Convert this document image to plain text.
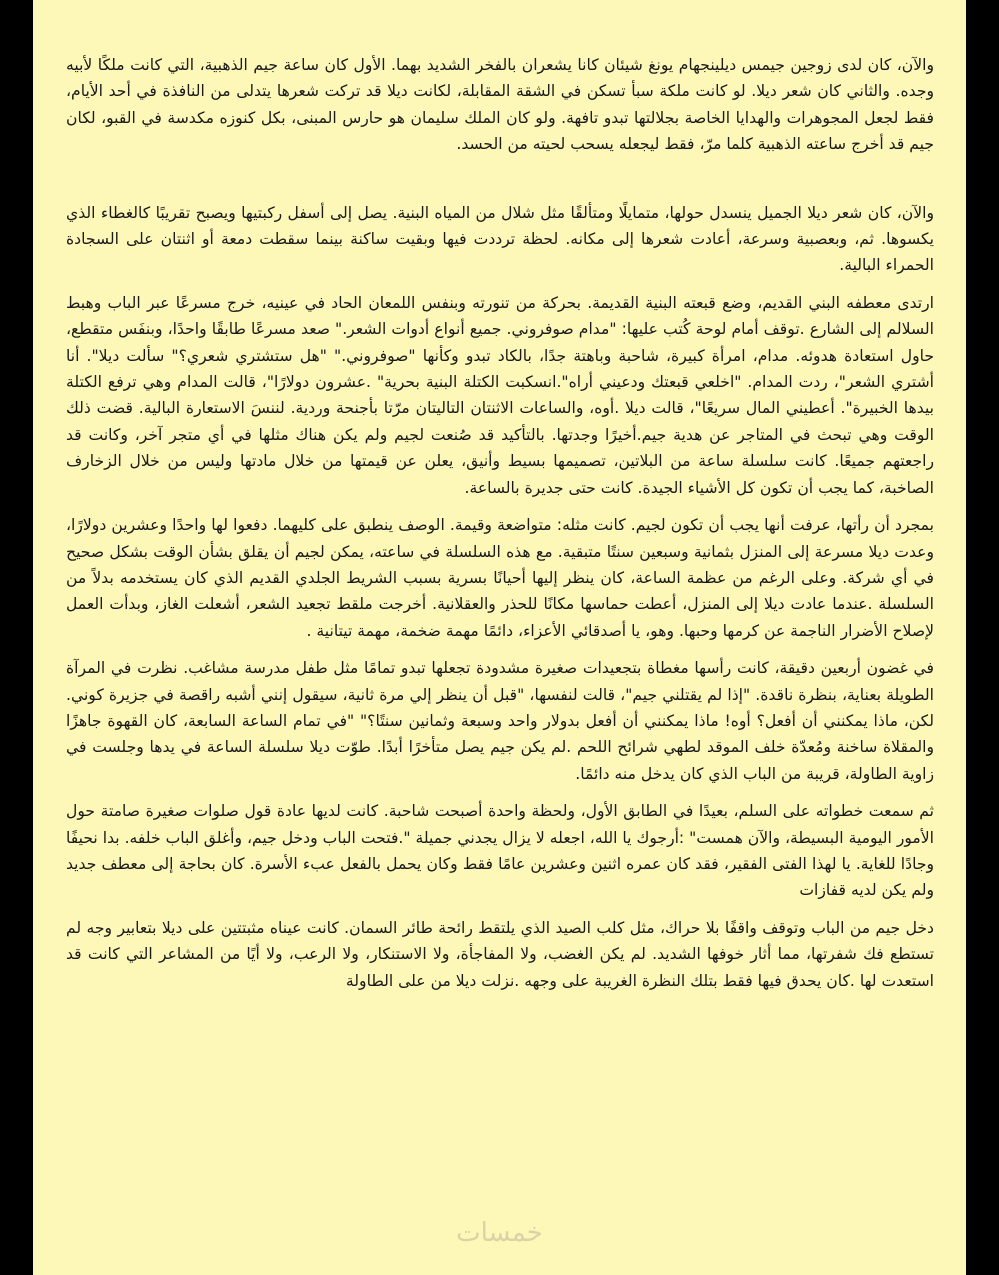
والآن، كان لدى زوجين جيمس ديلينجهام يونغ شيئان كانا يشعران بالفخر الشديد بهما. الأول كان ساعة جيم الذهبية، التي كانت ملكًا لأبيه وجده. والثاني كان شعر ديلا. لو كانت ملكة سبأ تسكن في الشقة المقابلة، لكانت ديلا قد تركت شعرها يتدلى من النافذة في أحد الأيام، فقط لجعل المجوهرات والهدايا الخاصة بجلالتها تبدو تافهة. ولو كان الملك سليمان هو حارس المبنى، بكل كنوزه مكدسة في القبو، لكان جيم قد أخرج ساعته الذهبية كلما مرّ، فقط ليجعله يسحب لحيته من الحسد.

والآن، كان شعر ديلا الجميل ينسدل حولها، متمايلًا ومتألقًا مثل شلال من المياه البنية. يصل إلى أسفل ركبتيها ويصبح تقريبًا كالغطاء الذي يكسوها. ثم، وبعصبية وسرعة، أعادت شعرها إلى مكانه. لحظة ترددت فيها وبقيت ساكنة بينما سقطت دمعة أو اثنتان على السجادة الحمراء البالية.

ارتدى معطفه البني القديم، وضع قبعته البنية القديمة. بحركة من تنورته وبنفس اللمعان الحاد في عينيه، خرج مسرعًا عبر الباب وهبط السلالم إلى الشارع .توقف أمام لوحة كُتب عليها: "مدام صوفروني. جميع أنواع أدوات الشعر." صعد مسرعًا طابقًا واحدًا، وبنفَس متقطع، حاول استعادة هدوئه. مدام، امرأة كبيرة، شاحبة وباهتة جدًا، بالكاد تبدو وكأنها "صوفروني." "هل ستشتري شعري؟" سألت ديلا". أنا أشتري الشعر"، ردت المدام. "اخلعي قبعتك ودعيني أراه".انسكبت الكتلة البنية بحرية" .عشرون دولارًا"، قالت المدام وهي ترفع الكتلة بيدها الخبيرة". أعطيني المال سريعًا"، قالت ديلا .أوه، والساعات الاثنتان التاليتان مرّتا بأجنحة وردية. لننسَ الاستعارة البالية. قضت ذلك الوقت وهي تبحث في المتاجر عن هدية جيم.أخيرًا وجدتها. بالتأكيد قد صُنعت لجيم ولم يكن هناك مثلها في أي متجر آخر، وكانت قد راجعتهم جميعًا. كانت سلسلة ساعة من البلاتين، تصميمها بسيط وأنيق، يعلن عن قيمتها من خلال مادتها وليس من خلال الزخارف الصاخبة، كما يجب أن تكون كل الأشياء الجيدة. كانت حتى جديرة بالساعة.

بمجرد أن رأتها، عرفت أنها يجب أن تكون لجيم. كانت مثله: متواضعة وقيمة. الوصف ينطبق على كليهما. دفعوا لها واحدًا وعشرين دولارًا، وعدت ديلا مسرعة إلى المنزل بثمانية وسبعين سنتًا متبقية. مع هذه السلسلة في ساعته، يمكن لجيم أن يقلق بشأن الوقت بشكل صحيح في أي شركة. وعلى الرغم من عظمة الساعة، كان ينظر إليها أحيانًا بسرية بسبب الشريط الجلدي القديم الذي كان يستخدمه بدلاً من السلسلة .عندما عادت ديلا إلى المنزل، أعطت حماسها مكانًا للحذر والعقلانية. أخرجت ملقط تجعيد الشعر، أشعلت الغاز، وبدأت العمل لإصلاح الأضرار الناجمة عن كرمها وحبها. وهو، يا أصدقائي الأعزاء، دائمًا مهمة ضخمة، مهمة تيتانية .

في غضون أربعين دقيقة، كانت رأسها مغطاة بتجعيدات صغيرة مشدودة تجعلها تبدو تمامًا مثل طفل مدرسة مشاغب. نظرت في المرآة الطويلة بعناية، بنظرة ناقدة. "إذا لم يقتلني جيم"، قالت لنفسها، "قبل أن ينظر إلي مرة ثانية، سيقول إنني أشبه راقصة في جزيرة كوني. لكن، ماذا يمكنني أن أفعل؟ أوه! ماذا يمكنني أن أفعل بدولار واحد وسبعة وثمانين سنتًا؟" "في تمام الساعة السابعة، كان القهوة جاهزًا والمقلاة ساخنة ومُعدّة خلف الموقد لطهي شرائح اللحم .لم يكن جيم يصل متأخرًا أبدًا. طوّت ديلا سلسلة الساعة في يدها وجلست في زاوية الطاولة، قريبة من الباب الذي كان يدخل منه دائمًا.

ثم سمعت خطواته على السلم، بعيدًا في الطابق الأول، ولحظة واحدة أصبحت شاحبة. كانت لديها عادة قول صلوات صغيرة صامتة حول الأمور اليومية البسيطة، والآن همست" :أرجوك يا الله، اجعله لا يزال يجدني جميلة ".فتحت الباب ودخل جيم، وأغلق الباب خلفه. بدا نحيفًا وجادًا للغاية. يا لهذا الفتى الفقير، فقد كان عمره اثنين وعشرين عامًا فقط وكان يحمل بالفعل عبء الأسرة. كان بحاجة إلى معطف جديد ولم يكن لديه قفازات

دخل جيم من الباب وتوقف واقفًا بلا حراك، مثل كلب الصيد الذي يلتقط رائحة طائر السمان. كانت عيناه مثبتتين على ديلا بتعابير وجه لم تستطع فك شفرتها، مما أثار خوفها الشديد. لم يكن الغضب، ولا المفاجأة، ولا الاستنكار، ولا الرعب، ولا أيًا من المشاعر التي كانت قد استعدت لها .كان يحدق فيها فقط بتلك النظرة الغريبة على وجهه .نزلت ديلا من على الطاولة

خمسات
